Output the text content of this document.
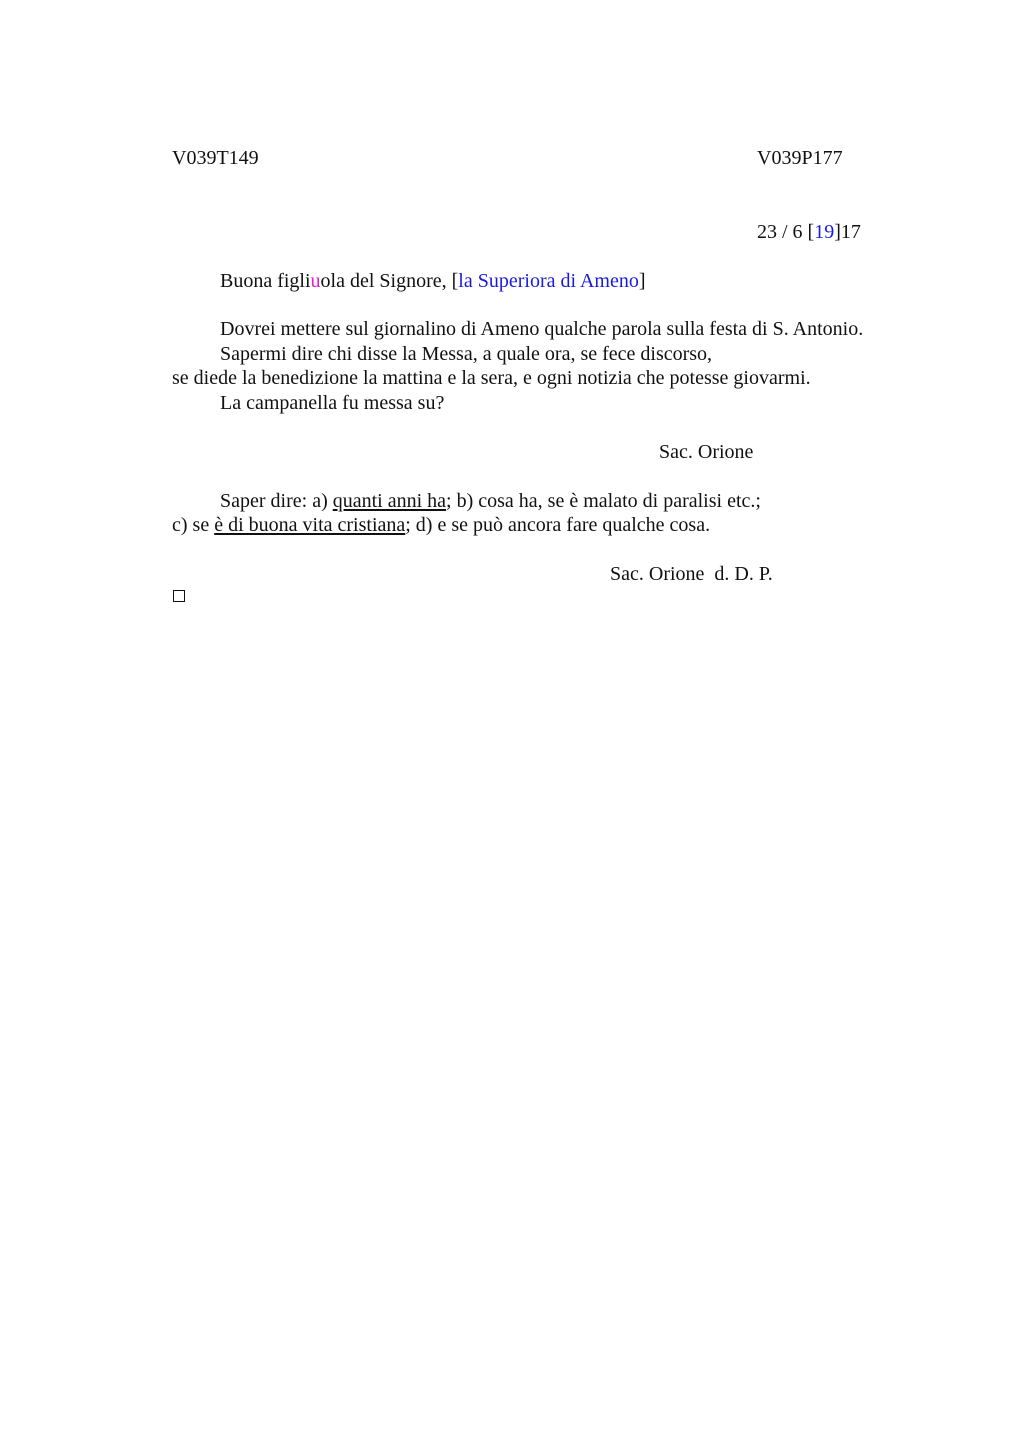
V039T149	V039P177
23 / 6 [19]17
Buona figliuola del Signore, [la Superiora di Ameno]
Dovrei mettere sul giornalino di Ameno qualche parola sulla festa di S. Antonio.
Sapermi dire chi disse la Messa, a quale ora, se fece discorso,
se diede la benedizione la mattina e la sera, e ogni notizia che potesse giovarmi.
La campanella fu messa su?
Sac. Orione
Saper dire: a) quanti anni ha; b) cosa ha, se è malato di paralisi etc.;
c) se è di buona vita cristiana; d) e se può ancora fare qualche cosa.
Sac. Orione  d. D. P.
